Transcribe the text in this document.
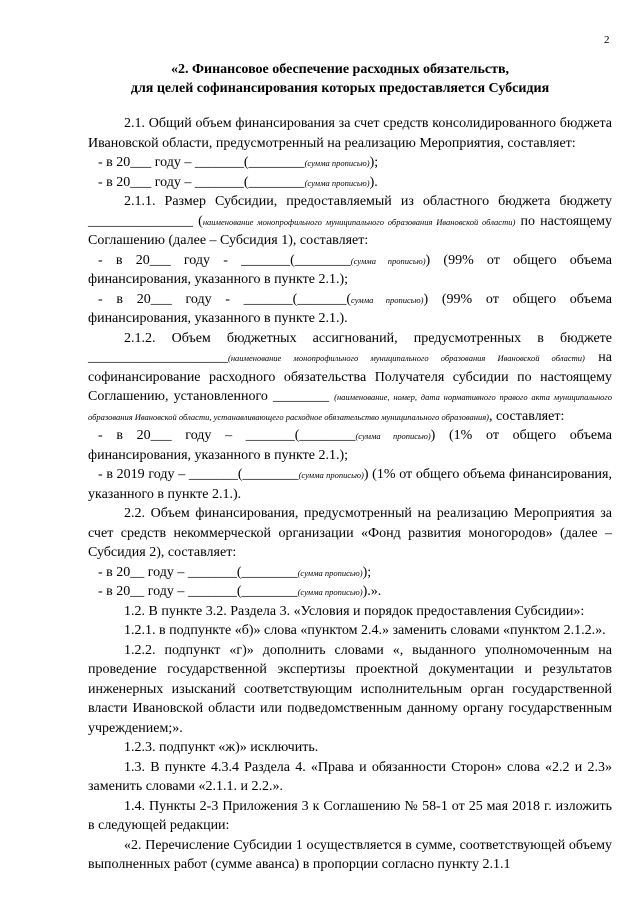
2
«2. Финансовое обеспечение расходных обязательств,
для целей софинансирования которых предоставляется Субсидия

2.1. Общий объем финансирования за счет средств консолидированного бюджета Ивановской области, предусмотренный на реализацию Мероприятия, составляет:

- в 20___ году – _______(________(сумма прописью));

- в 20___ году – _______(________(сумма прописью)).

2.1.1. Размер Субсидии, предоставляемый из областного бюджета бюджету _______________ (наименование монопрофильного муниципального образования Ивановской области) по настоящему Соглашению (далее – Субсидия 1), составляет:

- в 20___ году - _______(________(сумма прописью)) (99% от общего объема финансирования, указанного в пункте 2.1.);

- в 20___ году - _______(_______(сумма прописью)) (99% от общего объема финансирования, указанного в пункте 2.1.).

2.1.2. Объем бюджетных ассигнований, предусмотренных в бюджете ____________________(наименование монопрофильного муниципального образования Ивановской области) на софинансирование расходного обязательства Получателя субсидии по настоящему Соглашению, установленного ________ (наименование, номер, дата нормативного правого акта муниципального образования Ивановской области, устанавливающего расходное обязательство муниципального образования), составляет:

- в 20___ году – _______(________(сумма прописью)) (1% от общего объема финансирования, указанного в пункте 2.1.);

- в 2019 году – _______(________(сумма прописью)) (1% от общего объема финансирования, указанного в пункте 2.1.).

2.2. Объем финансирования, предусмотренный на реализацию Мероприятия за счет средств некоммерческой организации «Фонд развития моногородов» (далее – Субсидия 2), составляет:

- в 20__ году – _______(________(сумма прописью));

- в 20__ году – _______(________(сумма прописью)).».

1.2. В пункте 3.2. Раздела 3. «Условия и порядок предоставления Субсидии»:

1.2.1. в подпункте «б)» слова «пунктом 2.4.» заменить словами «пунктом 2.1.2.».

1.2.2. подпункт «г)» дополнить словами «, выданного уполномоченным на проведение государственной экспертизы проектной документации и результатов инженерных изысканий соответствующим исполнительным орган государственной власти Ивановской области или подведомственным данному органу государственным учреждением;».

1.2.3. подпункт «ж)» исключить.

1.3. В пункте 4.3.4 Раздела 4. «Права и обязанности Сторон» слова «2.2 и 2.3» заменить словами «2.1.1. и 2.2.».

1.4. Пункты 2-3 Приложения 3 к Соглашению № 58-1 от 25 мая 2018 г. изложить в следующей редакции:

«2. Перечисление Субсидии 1 осуществляется в сумме, соответствующей объему выполненных работ (сумме аванса) в пропорции согласно пункту 2.1.1
